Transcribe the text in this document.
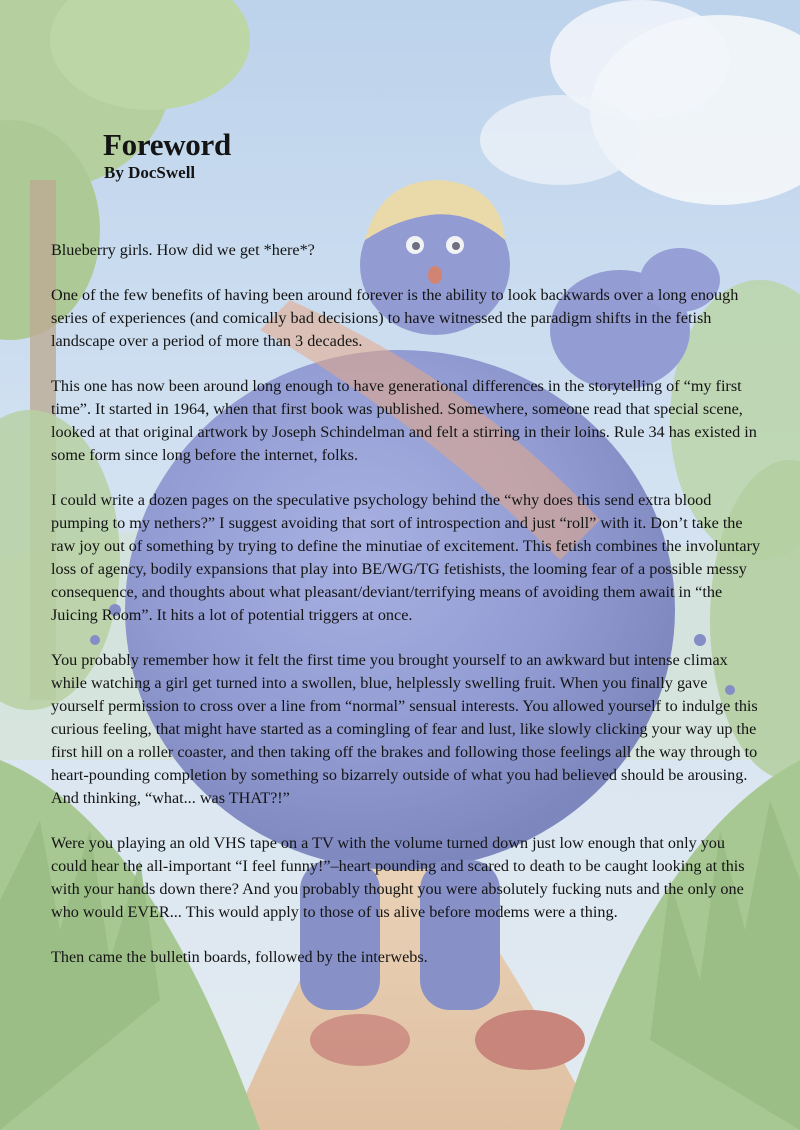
Foreword
By DocSwell

Blueberry girls. How did we get *here*?

One of the few benefits of having been around forever is the ability to look backwards over a long enough series of experiences (and comically bad decisions) to have witnessed the paradigm shifts in the fetish landscape over a period of more than 3 decades.

This one has now been around long enough to have generational differences in the storytelling of “my first time”. It started in 1964, when that first book was published. Somewhere, someone read that special scene, looked at that original artwork by Joseph Schindelman and felt a stirring in their loins. Rule 34 has existed in some form since long before the internet, folks.

I could write a dozen pages on the speculative psychology behind the “why does this send extra blood pumping to my nethers?” I suggest avoiding that sort of introspection and just “roll” with it. Don’t take the raw joy out of something by trying to define the minutiae of excitement. This fetish combines the involuntary loss of agency, bodily expansions that play into BE/WG/TG fetishists, the looming fear of a possible messy consequence, and thoughts about what pleasant/deviant/terrifying means of avoiding them await in “the Juicing Room”. It hits a lot of potential triggers at once.

You probably remember how it felt the first time you brought yourself to an awkward but intense climax while watching a girl get turned into a swollen, blue, helplessly swelling fruit. When you finally gave yourself permission to cross over a line from “normal” sensual interests. You allowed yourself to indulge this curious feeling, that might have started as a comingling of fear and lust, like slowly clicking your way up the first hill on a roller coaster, and then taking off the brakes and following those feelings all the way through to heart-pounding completion by something so bizarrely outside of what you had believed should be arousing. And thinking, “what... was THAT?!”

Were you playing an old VHS tape on a TV with the volume turned down just low enough that only you could hear the all-important “I feel funny!”–heart pounding and scared to death to be caught looking at this with your hands down there? And you probably thought you were absolutely fucking nuts and the only one who would EVER... This would apply to those of us alive before modems were a thing.

Then came the bulletin boards, followed by the interwebs.
